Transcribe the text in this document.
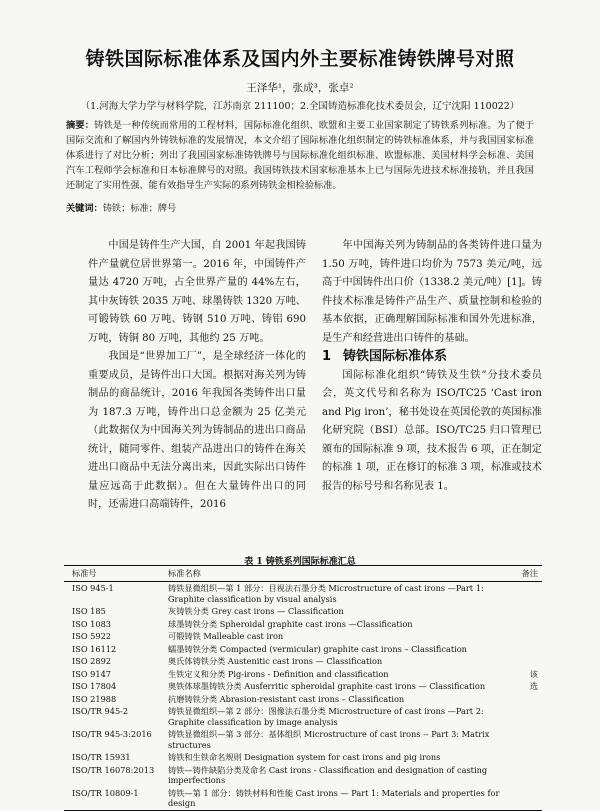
铸铁国际标准体系及国内外主要标准铸铁牌号对照
王泽华¹，张成³，张卓²
（1.河海大学力学与材料学院，江苏南京 211100；2.全国铸造标准化技术委员会，辽宁沈阳 110022）
摘要：铸铁是一种传统而常用的工程材料，国际标准化组织、欧盟和主要工业国家制定了铸铁系列标准。为了便于国际交流和了解国内外铸铁标准的发展情况，本文介绍了国际标准化组织制定的铸铁标准体系，并与我国国家标准体系进行了对比分析；列出了我国国家标准铸铁牌号与国际标准化组织标准、欧盟标准、美国材料学会标准、美国汽车工程师学会标准和日本标准牌号的对照。我国铸铁技术国家标准基本上已与国际先进技术标准接轨，并且我国还制定了实用性强、能有效指导生产实际的系列铸铁金相检验标准。
关键词：铸铁；标准；牌号

中国是铸件生产大国，自 2001 年起我国铸件产量就位居世界第一。2016 年，中国铸件产量达 4720 万吨，占全世界产量的 44%左右，其中灰铸铁 2035 万吨、球墨铸铁 1320 万吨、可锻铸铁 60 万吨、铸钢 510 万吨、铸铝 690 万吨，铸铜 80 万吨，其他约 25 万吨。

我国是“世界加工厂”，是全球经济一体化的重要成员，是铸件出口大国。根据对海关列为铸制品的商品统计，2016 年我国各类铸件出口量为 187.3 万吨，铸件出口总金额为 25 亿美元（此数据仅为中国海关列为铸制品的进出口商品统计，随同零件、组装产品进出口的铸件在海关进出口商品中无法分离出来，因此实际出口铸件量应远高于此数据）。但在大量铸件出口的同时，还需进口高端铸件，2016

年中国海关列为铸制品的各类铸件进口量为 1.50 万吨，铸件进口均价为 7573 美元/吨，远高于中国铸件出口价（1338.2 美元/吨）[1]。铸件技术标准是铸件产品生产、质量控制和检验的基本依据，正确理解国际标准和国外先进标准，是生产和经营进出口铸件的基础。

1 铸铁国际标准体系

国际标准化组织“铸铁及生铁”分技术委员会，英文代号和名称为 ISO/TC25 ‘Cast iron and Pig iron’，秘书处设在英国伦敦的英国标准化研究院（BSI）总部。ISO/TC25 归口管理已颁布的国际标准 9 项，技术报告 6 项，正在制定的标准 1 项，正在修订的标准 3 项，标准或技术报告的标号号和名称见表 1。

表 1 铸铁系列国际标准汇总
标准号	标准名称	备注
ISO 945-1	铸铁显微组织—第 1 部分：目视法石墨分类 Microstructure of cast irons —Part 1: Graphite classification by visual analysis	
ISO 185	灰铸铁分类 Grey cast irons — Classification	
ISO 1083	球墨铸铁分类 Spheroidal graphite cast irons —Classification	
ISO 5922	可锻铸铁 Malleable cast iron	
ISO 16112	蠕墨铸铁分类 Compacted (vermicular) graphite cast irons – Classification	
ISO 2892	奥氏体铸铁分类 Austenitic cast irons — Classification	
ISO 9147	生铁定义和分类 Pig-irons - Definition and classification	该
ISO 17804	奥铁体球墨铸铁分类 Ausferritic spheroidal graphite cast irons — Classification	选
ISO 21988	抗磨铸铁分类 Abrasion-resistant cast irons – Classification	
ISO/TR 945-2	铸铁显微组织—第 2 部分：图像法石墨分类 Microstructure of cast irons —Part 2: Graphite classification by image analysis	
ISO/TR 945-3:2016	铸铁显微组织—第 3 部分：基体组织 Microstructure of cast irons -- Part 3: Matrix structures	
ISO/TR 15931	铸铁和生铁命名规则 Designation system for cast irons and pig irons	
ISO/TR 16078:2013	铸铁—铸件缺陷分类及命名 Cast irons - Classification and designation of casting imperfections	
ISO/TR 10809-1	铸铁—第 1 部分：铸铁材料和性能 Cast irons — Part 1: Materials and properties for design	
